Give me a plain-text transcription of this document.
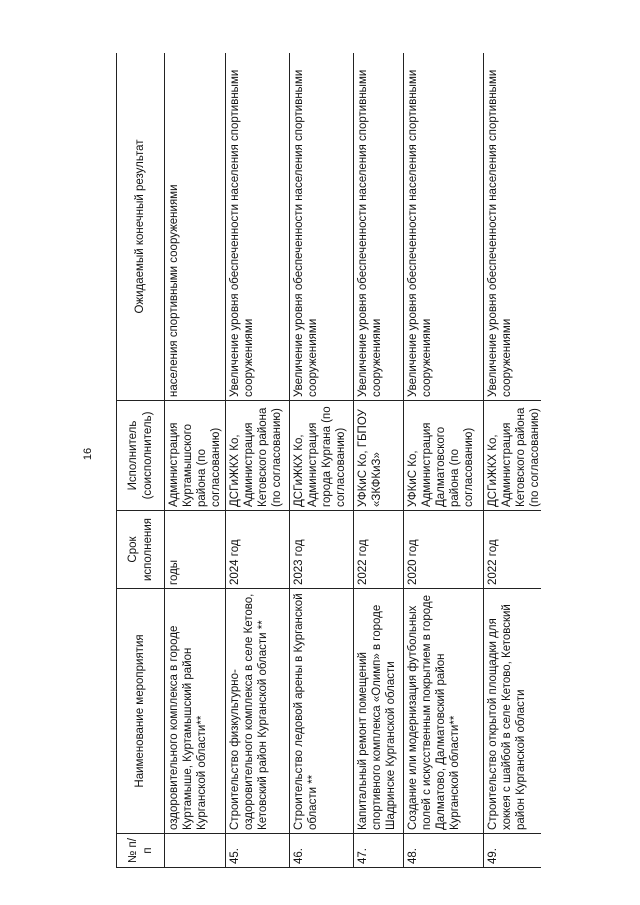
16
№ п/п	Наименование мероприятия	Срок исполнения	Исполнитель (соисполнитель)	Ожидаемый конечный результат
	оздоровительного комплекса в городе Куртамыше, Куртамышский район Курганской области**	годы	Администрация Куртамышского района (по согласованию)	населения спортивными сооружениями
45.	Строительство физкультурно-оздоровительного комплекса в селе Кетово, Кетовский район Курганской области **	2024 год	ДСГиЖКХ Ко, Администрация Кетовского района (по согласованию)	Увеличение уровня обеспеченности населения спортивными сооружениями
46.	Строительство ледовой арены в Курганской области **	2023 год	ДСГиЖКХ Ко, Администрация города Кургана (по согласованию)	Увеличение уровня обеспеченности населения спортивными сооружениями
47.	Капитальный ремонт помещений спортивного комплекса «Олимп» в городе Шадринске Курганской области	2022 год	УФКиС Ко, ГБПОУ «ЗКФКиЗ»	Увеличение уровня обеспеченности населения спортивными сооружениями
48.	Создание или модернизация футбольных полей с искусственным покрытием в городе Далматово, Далматовский район Курганской области**	2020 год	УФКиС Ко, Администрация Далматовского района (по согласованию)	Увеличение уровня обеспеченности населения спортивными сооружениями
49.	Строительство открытой площадки для хоккея с шайбой в селе Кетово, Кетовский район Курганской области	2022 год	ДСГиЖКХ Ко, Администрация Кетовского района (по согласованию)	Увеличение уровня обеспеченности населения спортивными сооружениями
